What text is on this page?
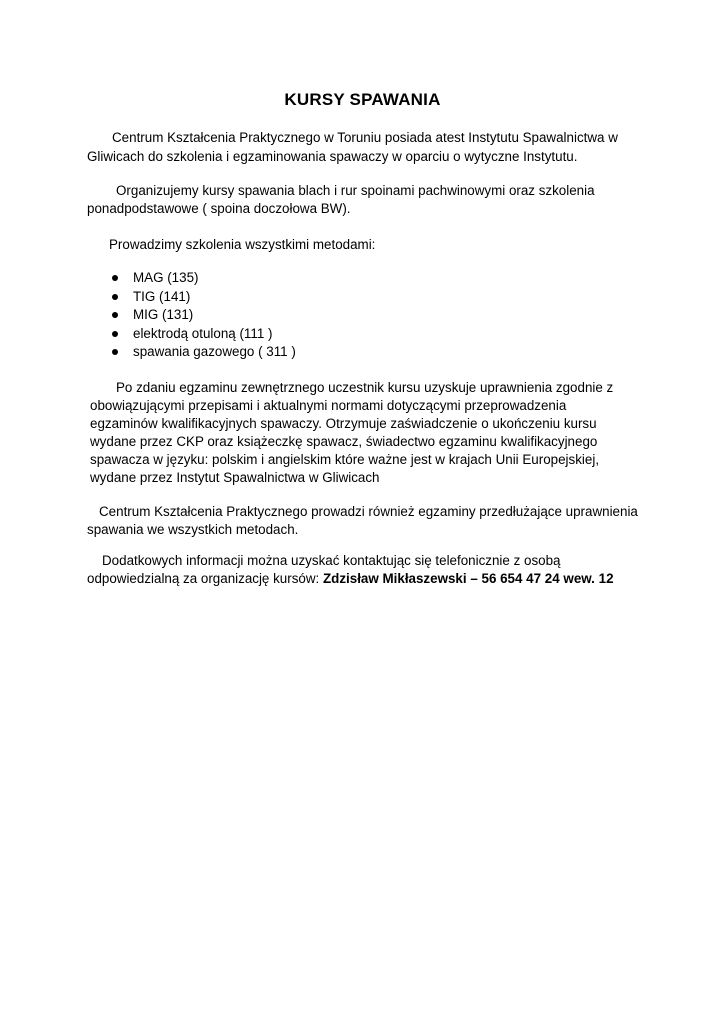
KURSY SPAWANIA
Centrum Kształcenia Praktycznego w Toruniu posiada atest Instytutu Spawalnictwa w
Gliwicach do szkolenia i egzaminowania spawaczy w oparciu o wytyczne Instytutu.
Organizujemy kursy spawania blach i rur spoinami pachwinowymi oraz szkolenia
ponadpodstawowe ( spoina doczołowa BW).
Prowadzimy szkolenia wszystkimi metodami:
MAG (135)
TIG (141)
MIG (131)
elektrodą otuloną (111 )
spawania gazowego ( 311 )
Po zdaniu egzaminu zewnętrznego uczestnik kursu uzyskuje uprawnienia zgodnie z
obowiązującymi przepisami i aktualnymi normami dotyczącymi przeprowadzenia
egzaminów kwalifikacyjnych spawaczy. Otrzymuje zaświadczenie o ukończeniu kursu
wydane przez CKP oraz książeczkę spawacz, świadectwo egzaminu kwalifikacyjnego
spawacza w języku: polskim i angielskim które ważne jest w krajach Unii Europejskiej,
wydane przez Instytut Spawalnictwa w Gliwicach
Centrum Kształcenia Praktycznego prowadzi również egzaminy przedłużające uprawnienia
spawania we wszystkich metodach.
Dodatkowych informacji można uzyskać kontaktując się telefonicznie z osobą
odpowiedzialną za organizację kursów: Zdzisław Mikłaszewski – 56 654 47 24 wew. 12
